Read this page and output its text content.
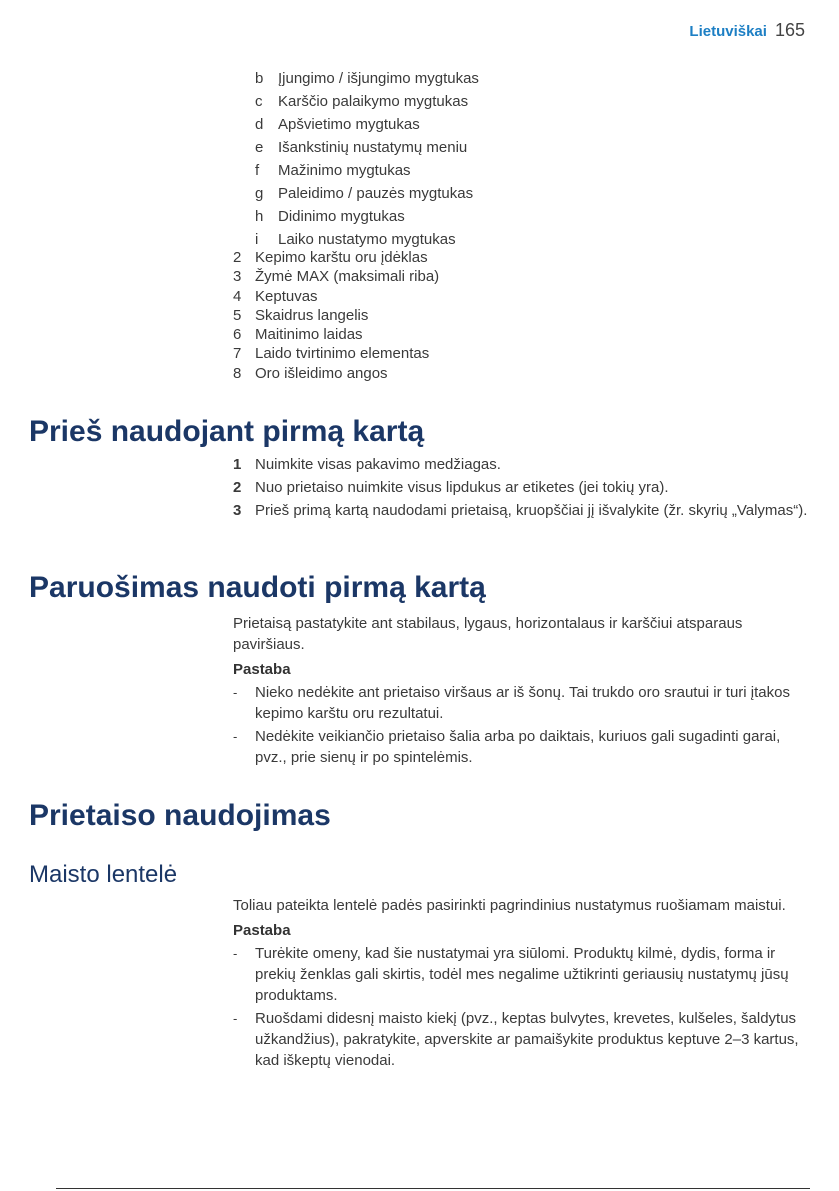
Lietuviškai 165
b Įjungimo / išjungimo mygtukas
c	Karščio palaikymo mygtukas
d Apšvietimo mygtukas
e Išankstinių nustatymų meniu
f	Mažinimo mygtukas
g Paleidimo / pauzės mygtukas
h Didinimo mygtukas
i	Laiko nustatymo mygtukas
2 Kepimo karštu oru įdėklas
3 Žymė MAX (maksimali riba)
4 Keptuvas
5 Skaidrus langelis
6 Maitinimo laidas
7 Laido tvirtinimo elementas
8 Oro išleidimo angos
Prieš naudojant pirmą kartą
1 Nuimkite visas pakavimo medžiagas.
2 Nuo prietaiso nuimkite visus lipdukus ar etiketes (jei tokių yra).
3 Prieš primą kartą naudodami prietaisą, kruopščiai jį išvalykite (žr. skyrių „Valymas“).
Paruošimas naudoti pirmą kartą
Prietaisą pastatykite ant stabilaus, lygaus, horizontalaus ir karščiui atsparaus paviršiaus.
Pastaba
-	Nieko nedėkite ant prietaiso viršaus ar iš šonų. Tai trukdo oro srautui ir turi įtakos kepimo karštu oru rezultatui.
-	Nedėkite veikiančio prietaiso šalia arba po daiktais, kuriuos gali sugadinti garai, pvz., prie sienų ir po spintelėmis.
Prietaiso naudojimas
Maisto lentelė
Toliau pateikta lentelė padės pasirinkti pagrindinius nustatymus ruošiamam maistui.
Pastaba
-	Turėkite omeny, kad šie nustatymai yra siūlomi. Produktų kilmė, dydis, forma ir prekių ženklas gali skirtis, todėl mes negalime užtikrinti geriausių nustatymų jūsų produktams.
-	Ruošdami didesnį maisto kiekį (pvz., keptas bulvytes, krevetes, kulšeles, šaldytus užkandžius), pakratykite, apverskite ar pamaišykite produktus keptuve 2–3 kartus, kad iškeptų vienodai.
